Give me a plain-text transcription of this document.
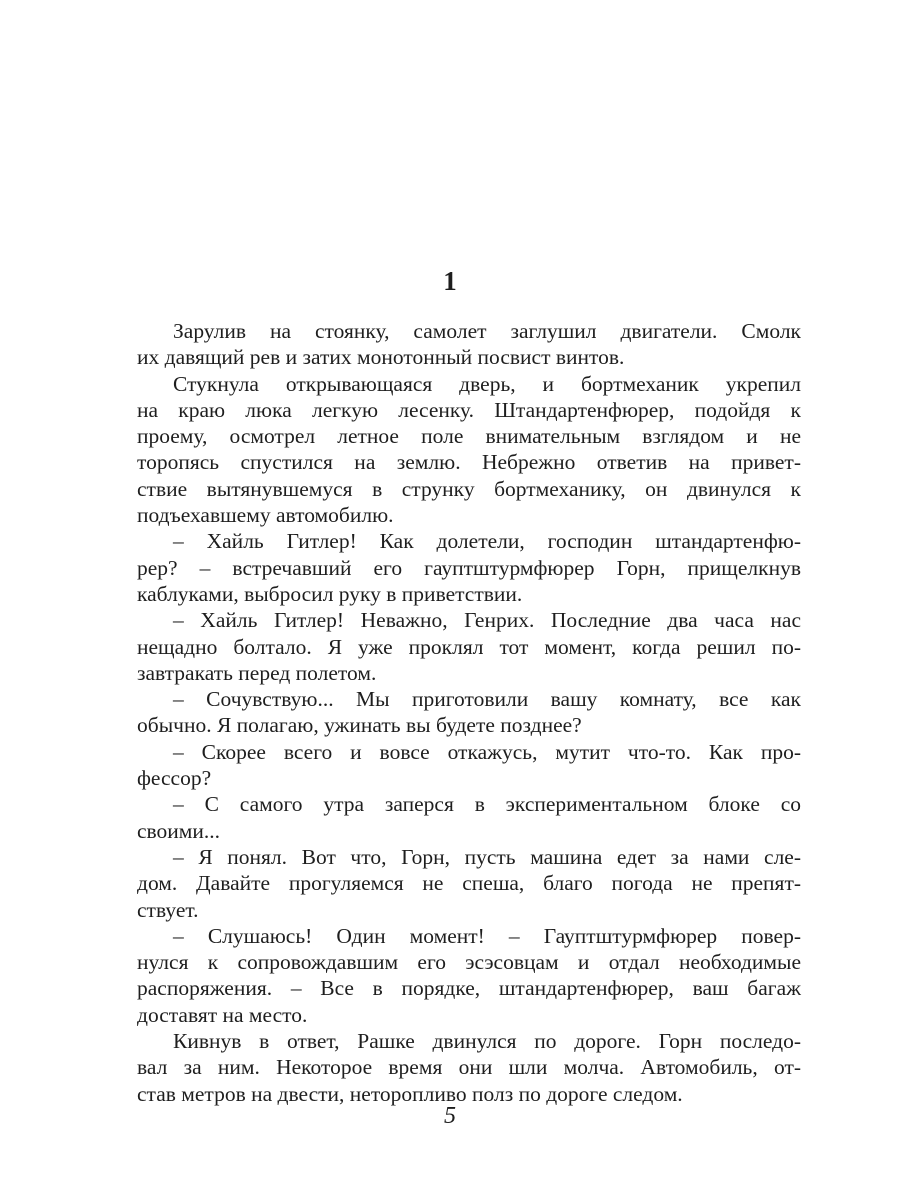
1
Зарулив на стоянку, самолет заглушил двигатели. Смолк
их давящий рев и затих монотонный посвист винтов.
Стукнула открывающаяся дверь, и бортмеханик укрепил
на краю люка легкую лесенку. Штандартенфюрер, подойдя к
проему, осмотрел летное поле внимательным взглядом и не
торопясь спустился на землю. Небрежно ответив на привет-
ствие вытянувшемуся в струнку бортмеханику, он двинулся к
подъехавшему автомобилю.
– Хайль Гитлер! Как долетели, господин штандартенфю-
рер? – встречавший его гауптштурмфюрер Горн, прищелкнув
каблуками, выбросил руку в приветствии.
– Хайль Гитлер! Неважно, Генрих. Последние два часа нас
нещадно болтало. Я уже проклял тот момент, когда решил по-
завтракать перед полетом.
– Сочувствую... Мы приготовили вашу комнату, все как
обычно. Я полагаю, ужинать вы будете позднее?
– Скорее всего и вовсе откажусь, мутит что-то. Как про-
фессор?
– С самого утра заперся в экспериментальном блоке со
своими...
– Я понял. Вот что, Горн, пусть машина едет за нами сле-
дом. Давайте прогуляемся не спеша, благо погода не препят-
ствует.
– Слушаюсь! Один момент! – Гауптштурмфюрер повер-
нулся к сопровождавшим его эсэсовцам и отдал необходимые
распоряжения. – Все в порядке, штандартенфюрер, ваш багаж
доставят на место.
Кивнув в ответ, Рашке двинулся по дороге. Горн последо-
вал за ним. Некоторое время они шли молча. Автомобиль, от-
став метров на двести, неторопливо полз по дороге следом.
5
